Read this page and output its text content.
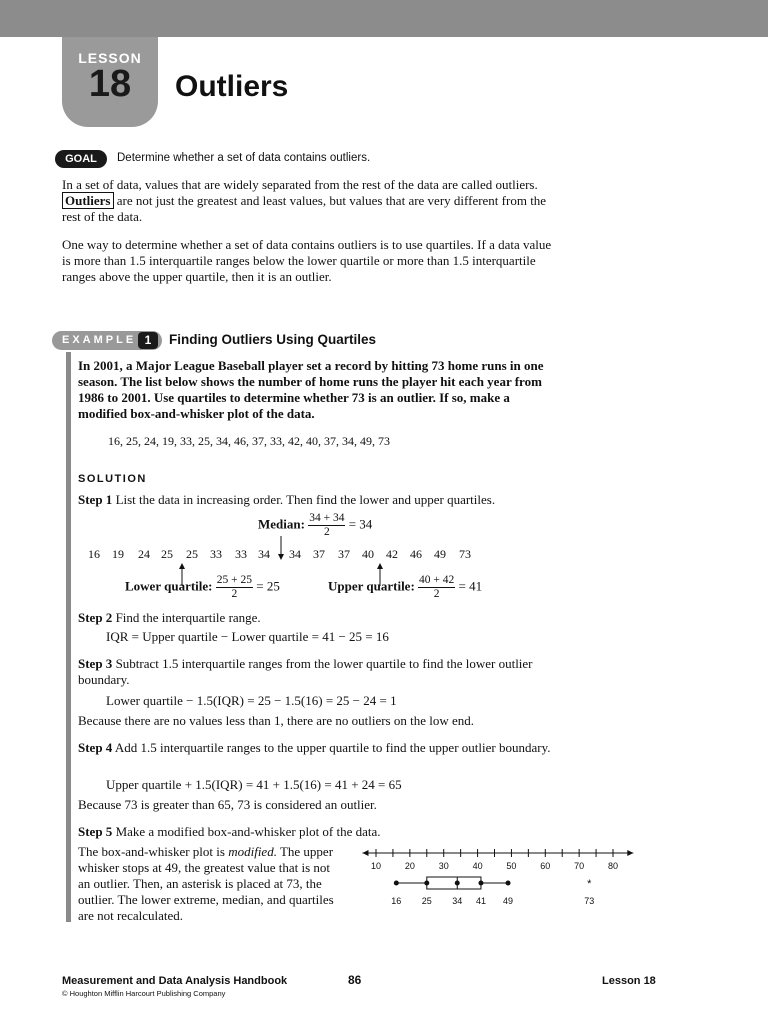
LESSON
18	Outliers
GOAL	Determine whether a set of data contains outliers.
In a set of data, values that are widely separated from the rest of the data are called outliers. Outliers are not just the greatest and least values, but values that are very different from the rest of the data.
One way to determine whether a set of data contains outliers is to use quartiles. If a data value is more than 1.5 interquartile ranges below the lower quartile or more than 1.5 interquartile ranges above the upper quartile, then it is an outlier.
EXAMPLE 1	Finding Outliers Using Quartiles
In 2001, a Major League Baseball player set a record by hitting 73 home runs in one season. The list below shows the number of home runs the player hit each year from 1986 to 2001. Use quartiles to determine whether 73 is an outlier. If so, make a modified box-and-whisker plot of the data.
16, 25, 24, 19, 33, 25, 34, 46, 37, 33, 42, 40, 37, 34, 49, 73
SOLUTION
Step 1 List the data in increasing order. Then find the lower and upper quartiles.
Median: $\frac{34 + 34}{2} = 34$
16 19 24 25 25 33 33 34 34 37 37 40 42 46 49 73
Lower quartile: $\frac{25 + 25}{2} = 25$	Upper quartile: $\frac{40 + 42}{2} = 41$
Step 2 Find the interquartile range.
IQR = Upper quartile − Lower quartile = 41 − 25 = 16
Step 3 Subtract 1.5 interquartile ranges from the lower quartile to find the lower outlier boundary.
Lower quartile − 1.5(IQR) = 25 − 1.5(16) = 25 − 24 = 1
Because there are no values less than 1, there are no outliers on the low end.
Step 4 Add 1.5 interquartile ranges to the upper quartile to find the upper outlier boundary.
Upper quartile + 1.5(IQR) = 41 + 1.5(16) = 41 + 24 = 65
Because 73 is greater than 65, 73 is considered an outlier.
Step 5 Make a modified box-and-whisker plot of the data.
The box-and-whisker plot is modified. The upper whisker stops at 49, the greatest value that is not an outlier. Then, an asterisk is placed at 73, the outlier. The lower extreme, median, and quartiles are not recalculated.
10	20	30	40	50	60	70	80
*
16 25 34 41 49	73
Measurement and Data Analysis Handbook
© Houghton Mifflin Harcourt Publishing Company
86	Lesson 18
